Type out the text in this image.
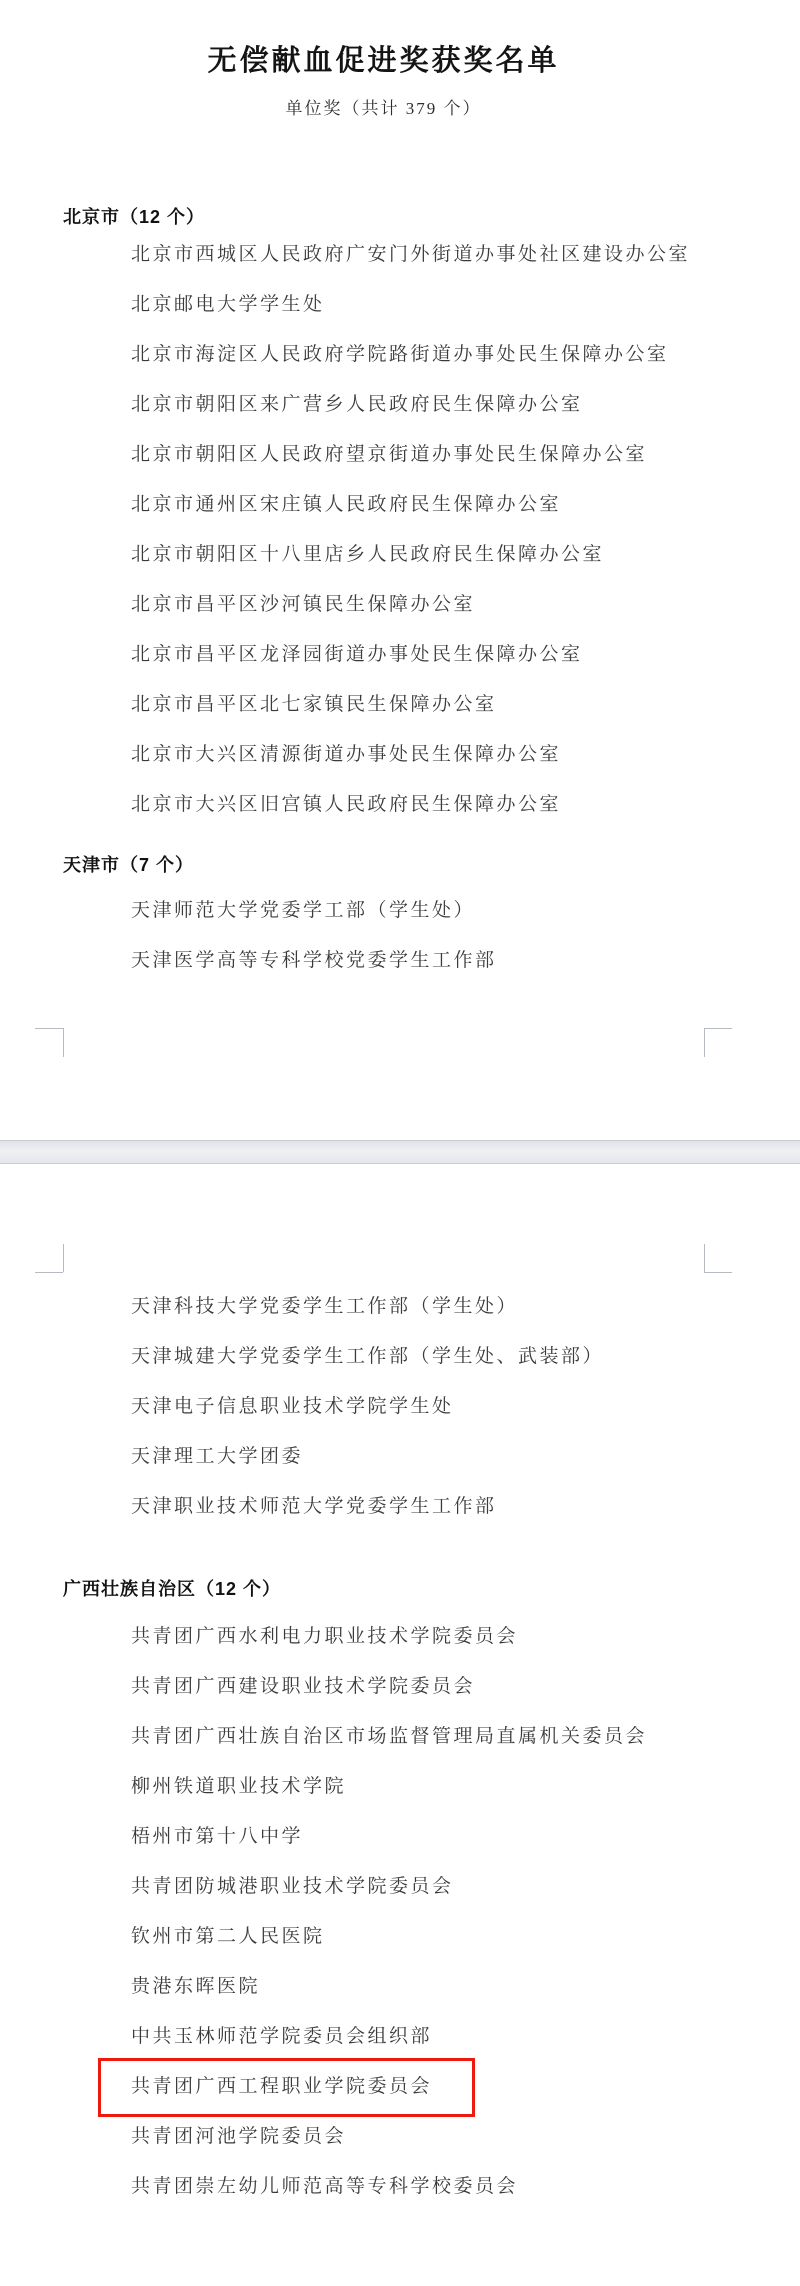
无偿献血促进奖获奖名单
单位奖（共计 379 个）
北京市（12 个）
北京市西城区人民政府广安门外街道办事处社区建设办公室
北京邮电大学学生处
北京市海淀区人民政府学院路街道办事处民生保障办公室
北京市朝阳区来广营乡人民政府民生保障办公室
北京市朝阳区人民政府望京街道办事处民生保障办公室
北京市通州区宋庄镇人民政府民生保障办公室
北京市朝阳区十八里店乡人民政府民生保障办公室
北京市昌平区沙河镇民生保障办公室
北京市昌平区龙泽园街道办事处民生保障办公室
北京市昌平区北七家镇民生保障办公室
北京市大兴区清源街道办事处民生保障办公室
北京市大兴区旧宫镇人民政府民生保障办公室
天津市（7 个）
天津师范大学党委学工部（学生处）
天津医学高等专科学校党委学生工作部
天津科技大学党委学生工作部（学生处）
天津城建大学党委学生工作部（学生处、武装部）
天津电子信息职业技术学院学生处
天津理工大学团委
天津职业技术师范大学党委学生工作部
广西壮族自治区（12 个）
共青团广西水利电力职业技术学院委员会
共青团广西建设职业技术学院委员会
共青团广西壮族自治区市场监督管理局直属机关委员会
柳州铁道职业技术学院
梧州市第十八中学
共青团防城港职业技术学院委员会
钦州市第二人民医院
贵港东晖医院
中共玉林师范学院委员会组织部
共青团广西工程职业学院委员会
共青团河池学院委员会
共青团崇左幼儿师范高等专科学校委员会
